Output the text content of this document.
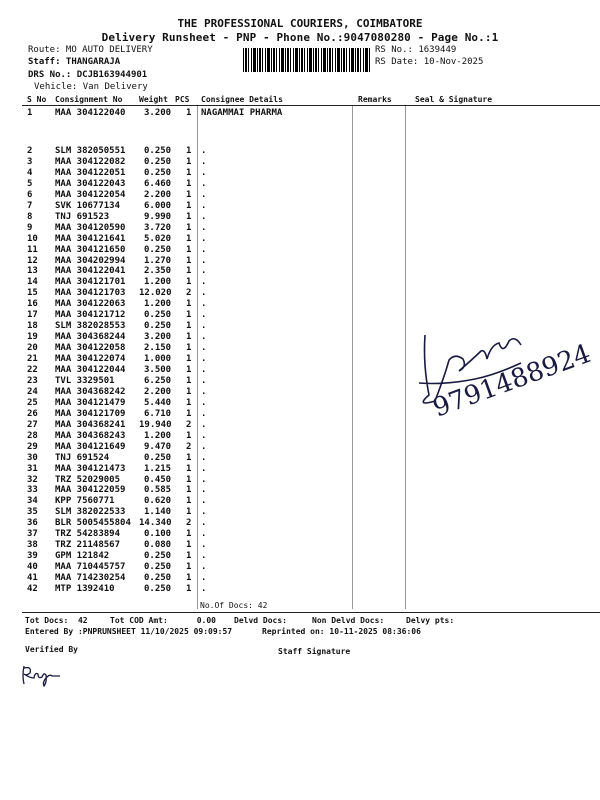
THE PROFESSIONAL COURIERS, COIMBATORE
Delivery Runsheet - PNP - Phone No.:9047080280 - Page No.:1
Route: MO AUTO DELIVERY
Staff: THANGARAJA
DRS No.: DCJB163944901
Vehicle: Van Delivery
RS No.: 1639449
RS Date: 10-Nov-2025
S No Consignment No Weight PCS Consignee Details	Remarks	Seal & Signature
1	MAA 304122040 3.200 1 NAGAMMAI PHARMA
2	SLM 382050551 0.250 1 .
3	MAA 304122082 0.250 1 .
4	MAA 304122051 0.250 1 .
5	MAA 304122043 6.460 1 .
6	MAA 304122054 2.200 1 .
7	SVK 10677134	6.000 1 .
8	TNJ 691523	9.990 1 .
9	MAA 304120590 3.720 1 .
10 MAA 304121641 5.020 1 .
11 MAA 304121650 0.250 1 .
12 MAA 304202994 1.270 1 .
13 MAA 304122041 2.350 1 .
14 MAA 304121701 1.200 1 .
15 MAA 304121703 12.020 2 .
16 MAA 304122063 1.200 1 .
17 MAA 304121712 0.250 1 .
18 SLM 382028553 0.250 1 .
19 MAA 304368244 3.200 1 .
20 MAA 304122058 2.150 1 .
21 MAA 304122074 1.000 1 .
22 MAA 304122044 3.500 1 .
23 TVL 3329501	6.250 1 .
24 MAA 304368242 2.200 1 .
25 MAA 304121479 5.440 1 .
26 MAA 304121709 6.710 1 .
27 MAA 304368241 19.940 2 .
28 MAA 304368243 1.200 1 .
29 MAA 304121649 9.470 2 .
30 TNJ 691524	0.250 1 .
31 MAA 304121473 1.215 1 .
32 TRZ 52029005	0.450 1 .
33 MAA 304122059 0.585 1 .
34 KPP 7560771	0.620 1 .
35 SLM 382022533 1.140 1 .
36 BLR 5005455804 14.340 2 .
37 TRZ 54283894	0.100 1 .
38 TRZ 21148567	0.080 1 .
39 GPM 121842	0.250 1 .
40 MAA 710445757 0.250 1 .
41 MAA 714230254 0.250 1 .
42 MTP 1392410	0.250 1 .
No.Of Docs: 42
Tot Docs:  42	Tot COD Amt:      0.00 Delvd Docs:	Non Delvd Docs:	Delvy pts:
Entered By :PNPRUNSHEET 11/10/2025 09:09:57	Reprinted on: 10-11-2025 08:36:06
Verified By	Staff Signature
9791488924
